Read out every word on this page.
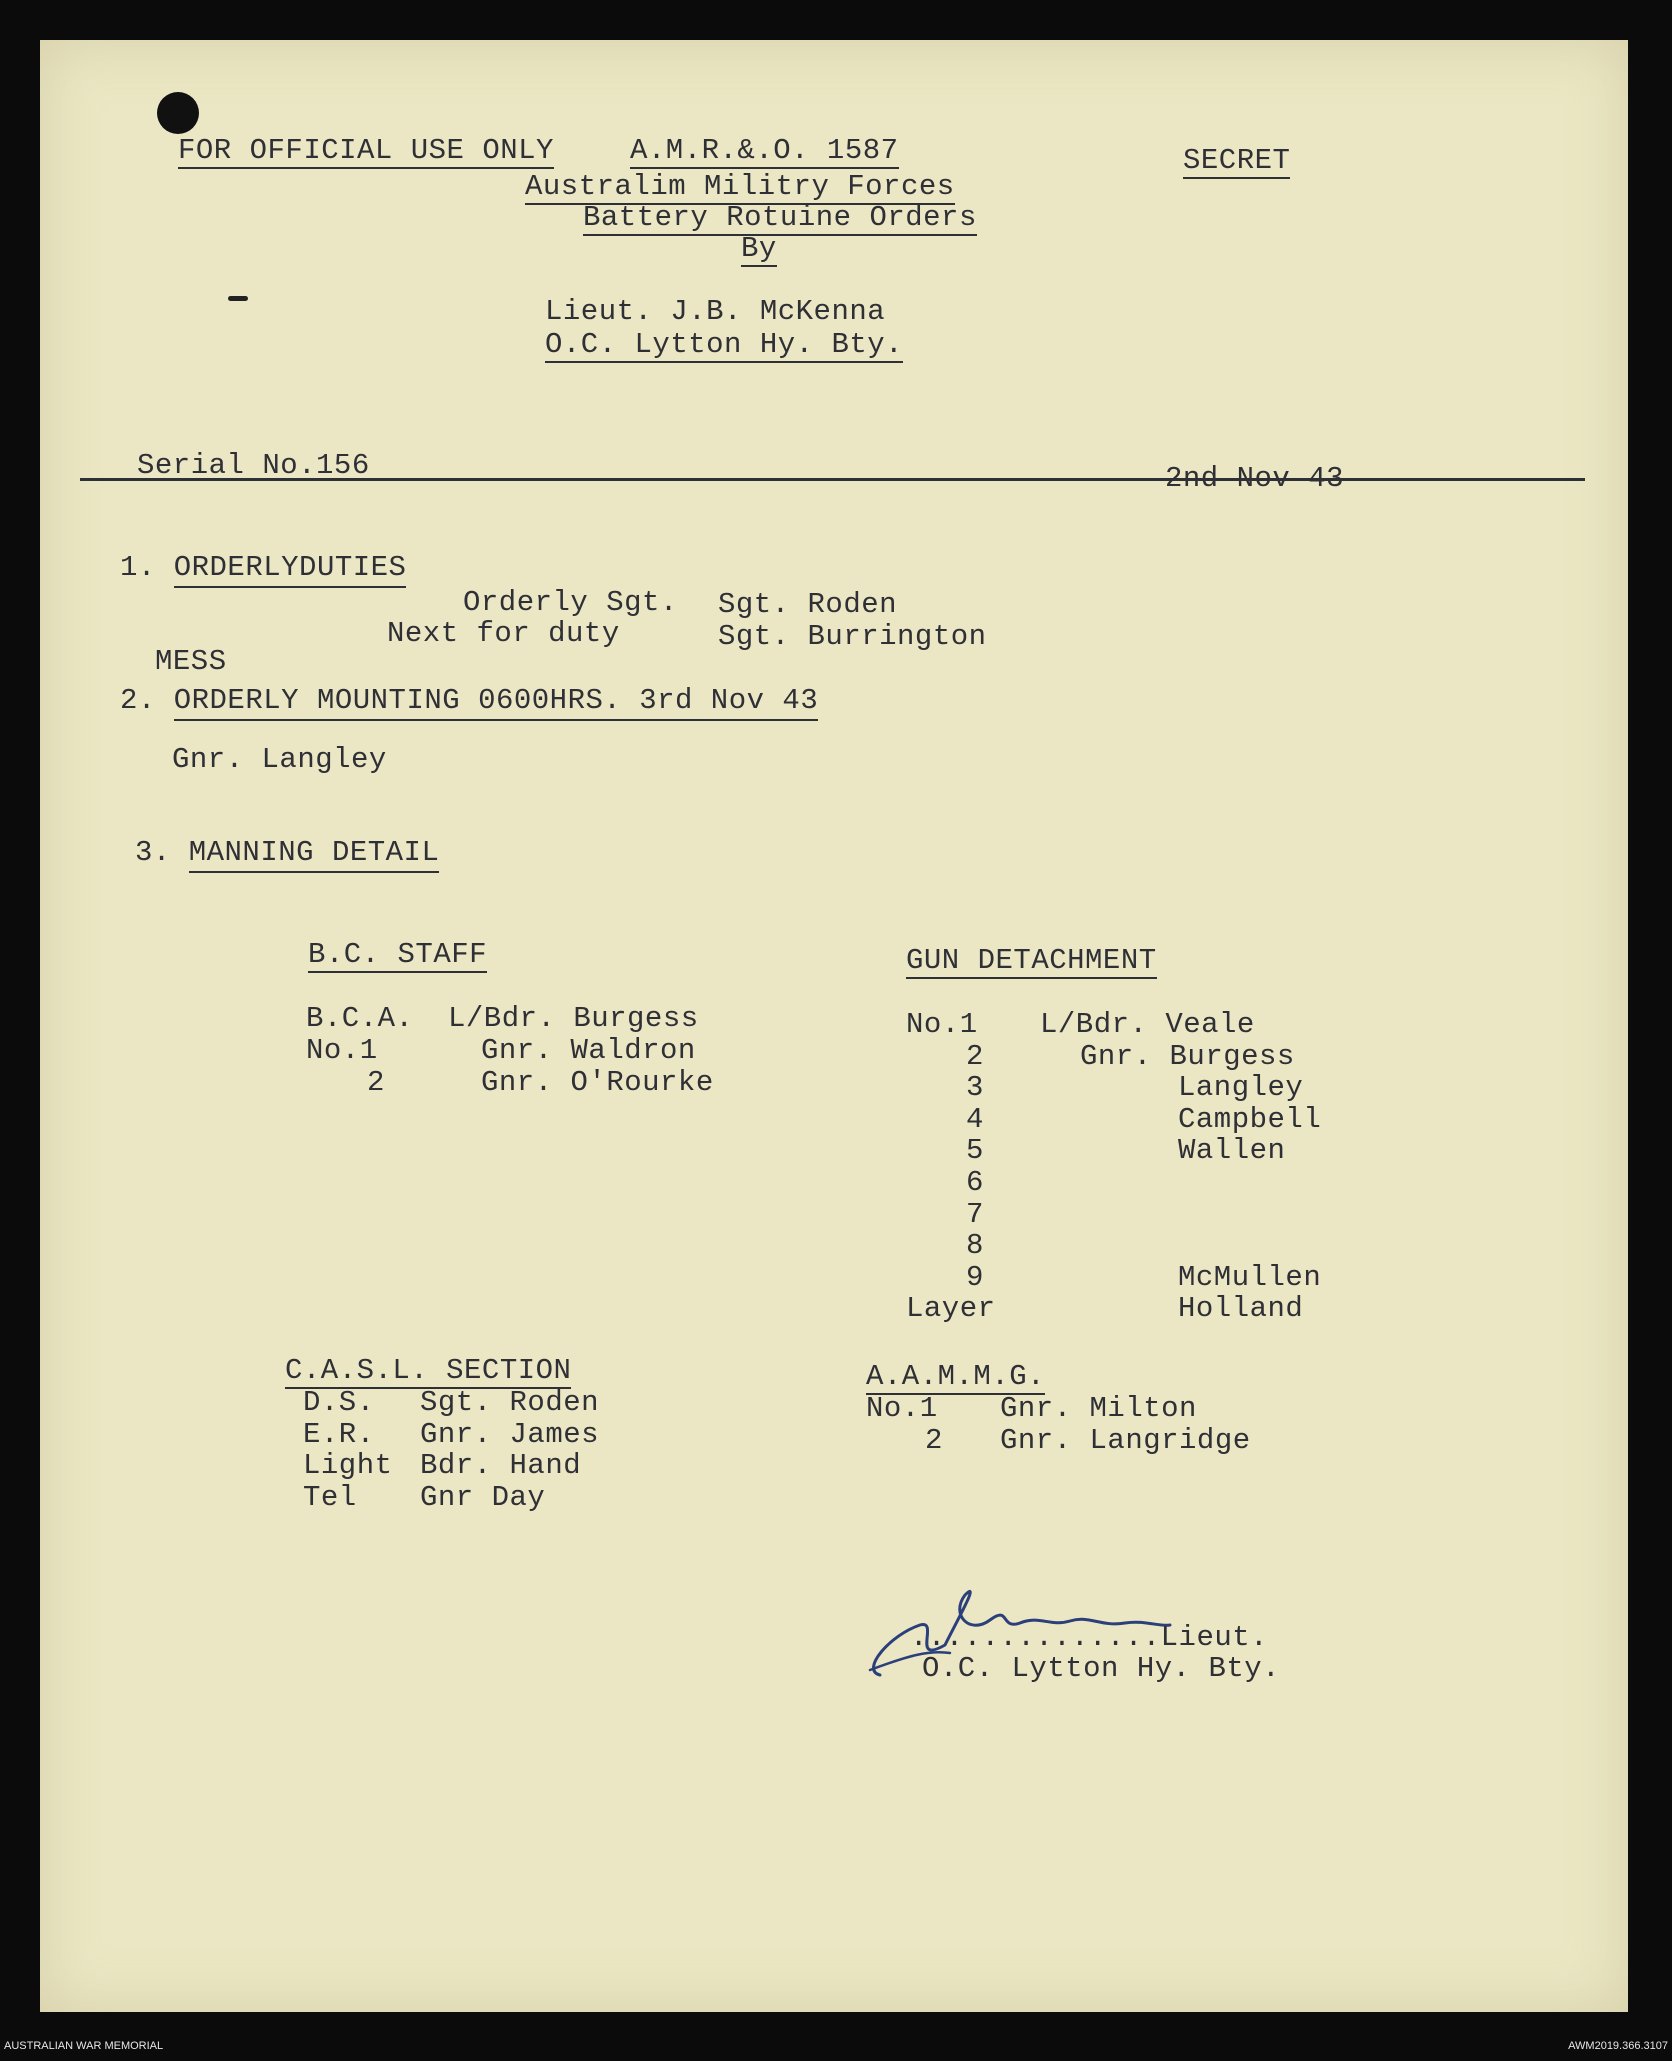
FOR OFFICIAL USE ONLY	A.M.R.&.O. 1587	SECRET
Australim Militry Forces
Battery Rotuine Orders
By
Lieut. J.B. McKenna
O.C. Lytton Hy. Bty.
Serial No.156	2nd Nov 43
1. ORDERLYDUTIES
Orderly Sgt. Sgt. Roden
Next for duty	Sgt. Burrington
MESS
2. ORDERLY MOUNTING 0600HRS. 3rd Nov 43
Gnr. Langley
3. MANNING DETAIL
B.C. STAFF
B.C.A. L/Bdr. Burgess
No.1	Gnr. Waldron
2	Gnr. O'Rourke
GUN DETACHMENT
No.1 L/Bdr. Veale
2	Gnr. Burgess
3	Langley
4	Campbell
5	Wallen
6
7
8
9	McMullen
Layer	Holland
C.A.S.L. SECTION
D.S. Sgt. Roden
E.R. Gnr. James
Light Bdr. Hand
Tel Gnr Day
A.A.M.M.G.
No.1 Gnr. Milton
2 Gnr. Langridge
..............Lieut.
O.C. Lytton Hy. Bty.
AUSTRALIAN WAR MEMORIAL	AWM2019.366.3107
